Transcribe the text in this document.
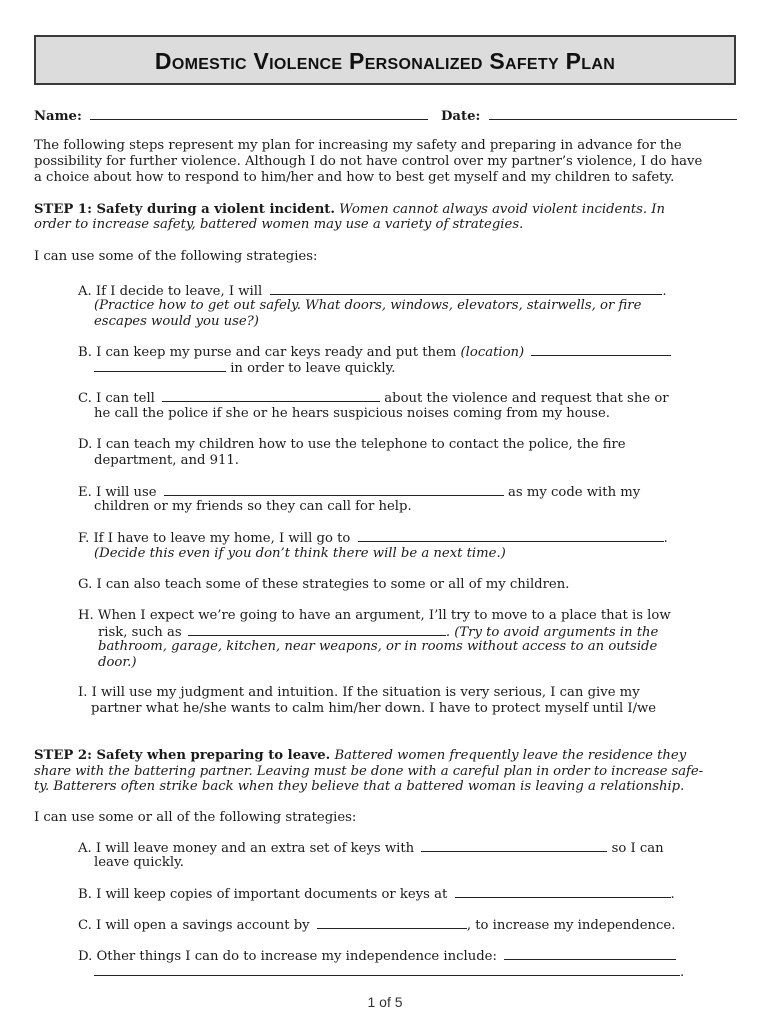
Domestic Violence Personalized Safety Plan
Name:	Date:
The following steps represent my plan for increasing my safety and preparing in advance for the
possibility for further violence. Although I do not have control over my partner’s violence, I do have
a choice about how to respond to him/her and how to best get myself and my children to safety.
STEP 1: Safety during a violent incident. Women cannot always avoid violent incidents. In
order to increase safety, battered women may use a variety of strategies.
I can use some of the following strategies:
A. If I decide to leave, I will	.
(Practice how to get out safely. What doors, windows, elevators, stairwells, or fire
escapes would you use?)
B. I can keep my purse and car keys ready and put them (location)
in order to leave quickly.
C. I can tell	about the violence and request that she or
he call the police if she or he hears suspicious noises coming from my house.
D. I can teach my children how to use the telephone to contact the police, the fire
department, and 911.
E. I will use	as my code with my
children or my friends so they can call for help.
F. If I have to leave my home, I will go to	.
(Decide this even if you don’t think there will be a next time.)
G. I can also teach some of these strategies to some or all of my children.
H. When I expect we’re going to have an argument, I’ll try to move to a place that is low
risk, such as	. (Try to avoid arguments in the
bathroom, garage, kitchen, near weapons, or in rooms without access to an outside
door.)
I. I will use my judgment and intuition. If the situation is very serious, I can give my
partner what he/she wants to calm him/her down. I have to protect myself until I/we
STEP 2: Safety when preparing to leave. Battered women frequently leave the residence they
share with the battering partner. Leaving must be done with a careful plan in order to increase safe-
ty. Batterers often strike back when they believe that a battered woman is leaving a relationship.
I can use some or all of the following strategies:
A. I will leave money and an extra set of keys with	so I can
leave quickly.
B. I will keep copies of important documents or keys at	.
C. I will open a savings account by	, to increase my independence.
D. Other things I can do to increase my independence include:
.
1 of 5
